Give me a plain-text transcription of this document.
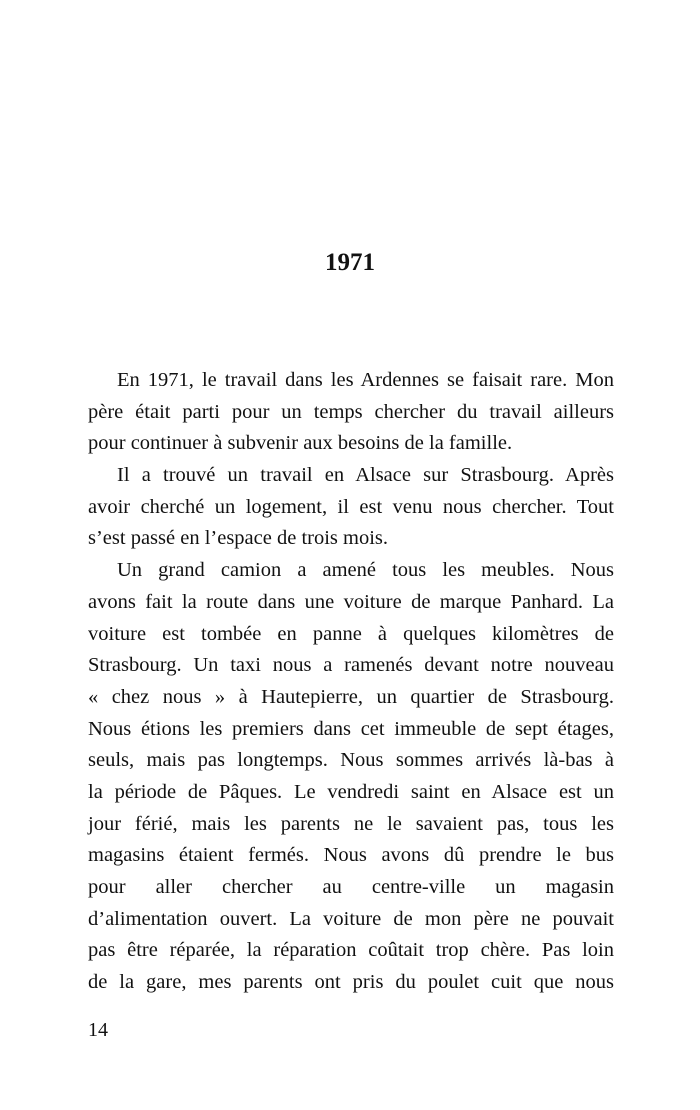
1971
En 1971, le travail dans les Ardennes se faisait rare. Mon
père était parti pour un temps chercher du travail ailleurs
pour continuer à subvenir aux besoins de la famille.
Il a trouvé un travail en Alsace sur Strasbourg. Après
avoir cherché un logement, il est venu nous chercher. Tout
s’est passé en l’espace de trois mois.
Un grand camion a amené tous les meubles. Nous
avons fait la route dans une voiture de marque Panhard. La
voiture est tombée en panne à quelques kilomètres de
Strasbourg. Un taxi nous a ramenés devant notre nouveau
« chez nous » à Hautepierre, un quartier de Strasbourg.
Nous étions les premiers dans cet immeuble de sept étages,
seuls, mais pas longtemps. Nous sommes arrivés là-bas à
la période de Pâques. Le vendredi saint en Alsace est un
jour férié, mais les parents ne le savaient pas, tous les
magasins étaient fermés. Nous avons dû prendre le bus
pour aller chercher au centre-ville un magasin
d’alimentation ouvert. La voiture de mon père ne pouvait
pas être réparée, la réparation coûtait trop chère. Pas loin
de la gare, mes parents ont pris du poulet cuit que nous
14
